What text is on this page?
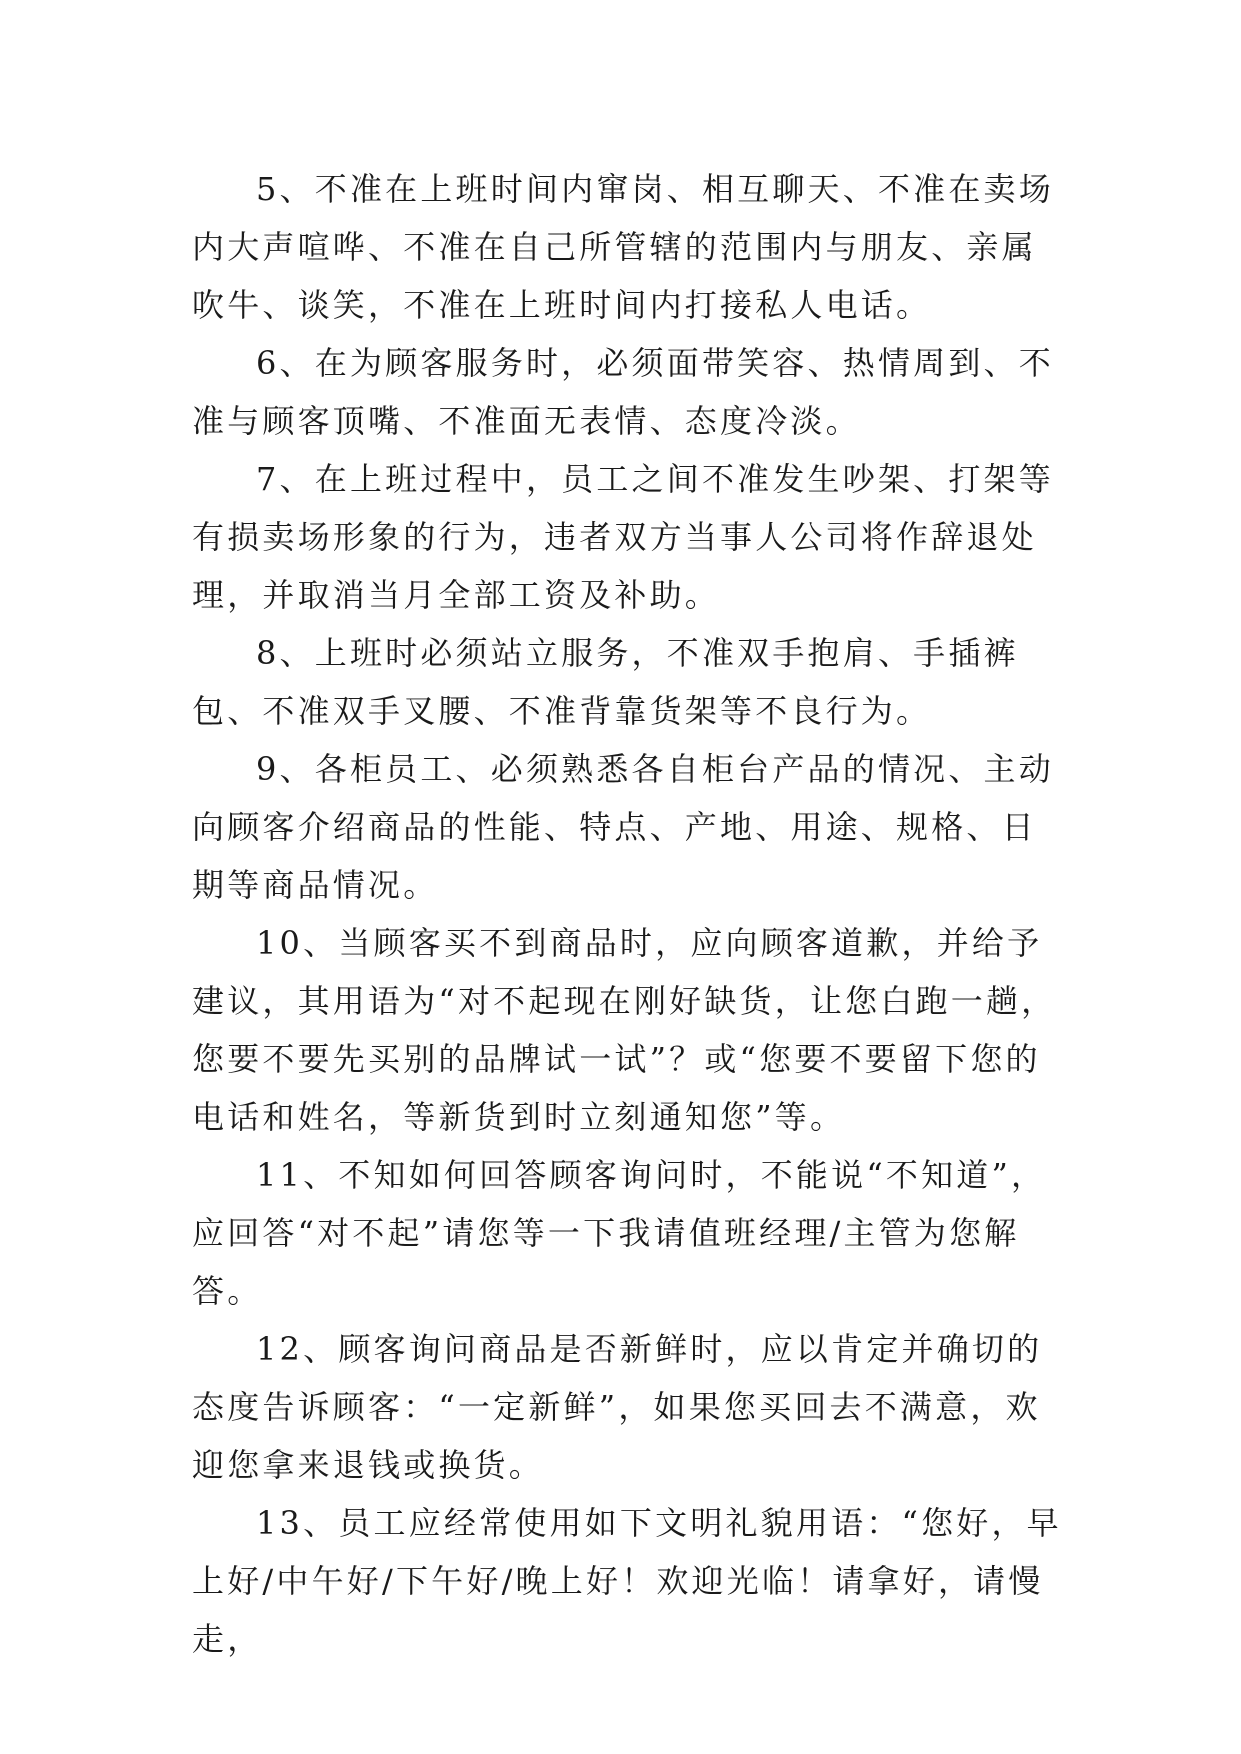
5、不准在上班时间内窜岗、相互聊天、不准在卖场内大声喧哗、不准在自己所管辖的范围内与朋友、亲属吹牛、谈笑，不准在上班时间内打接私人电话。

6、在为顾客服务时，必须面带笑容、热情周到、不准与顾客顶嘴、不准面无表情、态度冷淡。

7、在上班过程中，员工之间不准发生吵架、打架等有损卖场形象的行为，违者双方当事人公司将作辞退处理，并取消当月全部工资及补助。

8、上班时必须站立服务，不准双手抱肩、手插裤包、不准双手叉腰、不准背靠货架等不良行为。

9、各柜员工、必须熟悉各自柜台产品的情况、主动向顾客介绍商品的性能、特点、产地、用途、规格、日期等商品情况。

10、当顾客买不到商品时，应向顾客道歉，并给予建议，其用语为“对不起现在刚好缺货，让您白跑一趟，您要不要先买别的品牌试一试”？或“您要不要留下您的电话和姓名，等新货到时立刻通知您”等。

11、不知如何回答顾客询问时，不能说“不知道”，应回答“对不起”请您等一下我请值班经理/主管为您解答。

12、顾客询问商品是否新鲜时，应以肯定并确切的态度告诉顾客：“一定新鲜”，如果您买回去不满意，欢迎您拿来退钱或换货。

13、员工应经常使用如下文明礼貌用语：“您好，早上好/中午好/下午好/晚上好！欢迎光临！请拿好，请慢走，
